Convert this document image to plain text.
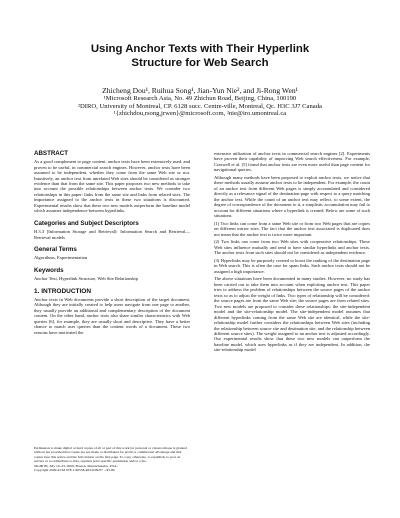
Using Anchor Texts with Their Hyperlink
Structure for Web Search
Zhicheng Dou¹, Ruihua Song¹, Jian-Yun Nie², and Ji-Rong Wen¹
¹Microsoft Research Asia, No. 49 Zhichun Road, Beijing, China, 100190
²DIRO, University of Montreal, CP. 6128 succ. Centre-ville, Montreal, Qc. H3C 3J7 Canada
¹{zhichdou,rsong,jrwen}@microsoft.com, ²nie@iro.umontreal.ca
ABSTRACT

As a good complement to page content, anchor texts have been extensively used, and proven to be useful, in commercial search engines. However, anchor texts have been assumed to be independent, whether they come from the same Web site or not. Intuitively, an anchor text from unrelated Web sites should be considered as stronger evidence than that from the same site. This paper proposes two new methods to take into account the possible relationships between anchor texts. We consider two relationships in this paper: links from the same site and links from related sites. The importance assigned to the anchor texts in these two situations is discounted. Experimental results show that these two new models outperform the baseline model which assumes independence between hyperlinks.

Categories and Subject Descriptors

H.3.3 [Information Storage and Retrieval]: Information Search and Retrieval—Retrieval models

General Terms

Algorithms, Experimentation

Keywords

Anchor Text, Hyperlink Structure, Web Site Relationship

1. INTRODUCTION

Anchor texts in Web documents provide a short description of the target document. Although they are initially created to help users navigate from one page to another, they usually provide an additional and complementary description of the document content. On the other hand, anchor texts also share similar characteristics with Web queries [6], for example, they are usually short and descriptive. They have a better chance to match user queries than the content words of a document. These two reasons have motivated the

Permission to make digital or hard copies of all or part of this work for personal or classroom use is granted without fee provided that copies are not made or distributed for profit or commercial advantage and that copies bear this notice and the full citation on the first page. To copy otherwise, to republish, to post on servers or to redistribute to lists, requires prior specific permission and/or a fee.

SIGIR'09, July 19–23, 2009, Boston, Massachusetts, USA.

Copyright 2009 ACM 978-1-60558-483-6/09/07 ...$5.00.

extensive utilization of anchor texts in commercial search engines [2]. Experiments have proven their capability of improving Web search effectiveness. For example, Craswell et al. [5] found that anchor texts are even more useful than page content for navigational queries.

Although many methods have been proposed to exploit anchor texts, we notice that these methods usually assume anchor texts to be independent. For example, the count of an anchor text from different Web pages is simply accumulated and considered directly as a relevance signal of the destination page with respect to a query matching the anchor text. While the count of an anchor text may reflect, to some extent, the degree of correspondence of the document to it, a simplistic accumulation may fail to account for different situations where a hyperlink is created. Below are some of such situations.

(1) Two links can come from a same Web site or from two Web pages that are copies on different mirror sites. The fact that the anchor text associated is duplicated does not mean that the anchor text is twice more important.

(2) Two links can come from two Web sites with cooperative relationships. These Web sites influence mutually and tend to have similar hyperlinks and anchor texts. The anchor texts from such sites should not be considered as independent evidence.

(3) Hyperlinks may be purposely created to boost the ranking of the destination page in Web search. This is often the case for spam links. Such anchor texts should not be assigned a high importance.

The above situations have been documented in many studies. However, no study has been carried out to take them into account when exploiting anchor text. This paper tries to address the problem of relationships between the source pages of the anchor texts so as to adjust the weight of links. Two types of relationship will be considered: the source pages are from the same Web site; the source pages are from related sites. Two new models are proposed to consider these relationships: the site-independent model and the site-relationship model. The site-independent model assumes that different hyperlinks coming from the same Web site are identical, while the site-relationship model further considers the relationships between Web sites (including the relationship between source site and destination site, and the relationship between different source sites). The weight assigned to an anchor text is adjusted accordingly. Our experimental results show that these two new models can outperform the baseline model, which uses hyperlinks as if they are independent. In addition, the site-relationship model
